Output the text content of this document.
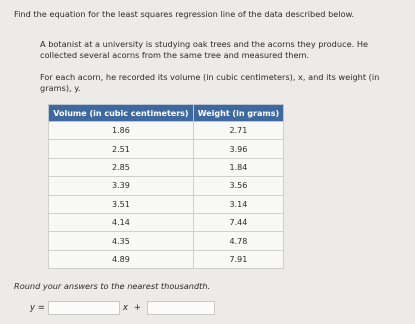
Find the equation for the least squares regression line of the data described below.
A botanist at a university is studying oak trees and the acorns they produce. He collected several acorns from the same tree and measured them.
For each acorn, he recorded its volume (in cubic centimeters), x, and its weight (in grams), y.
Volume (in cubic centimeters)	Weight (in grams)
1.86	2.71
2.51	3.96
2.85	1.84
3.39	3.56
3.51	3.14
4.14	7.44
4.35	4.78
4.89	7.91
Round your answers to the nearest thousandth.
y =	x +
